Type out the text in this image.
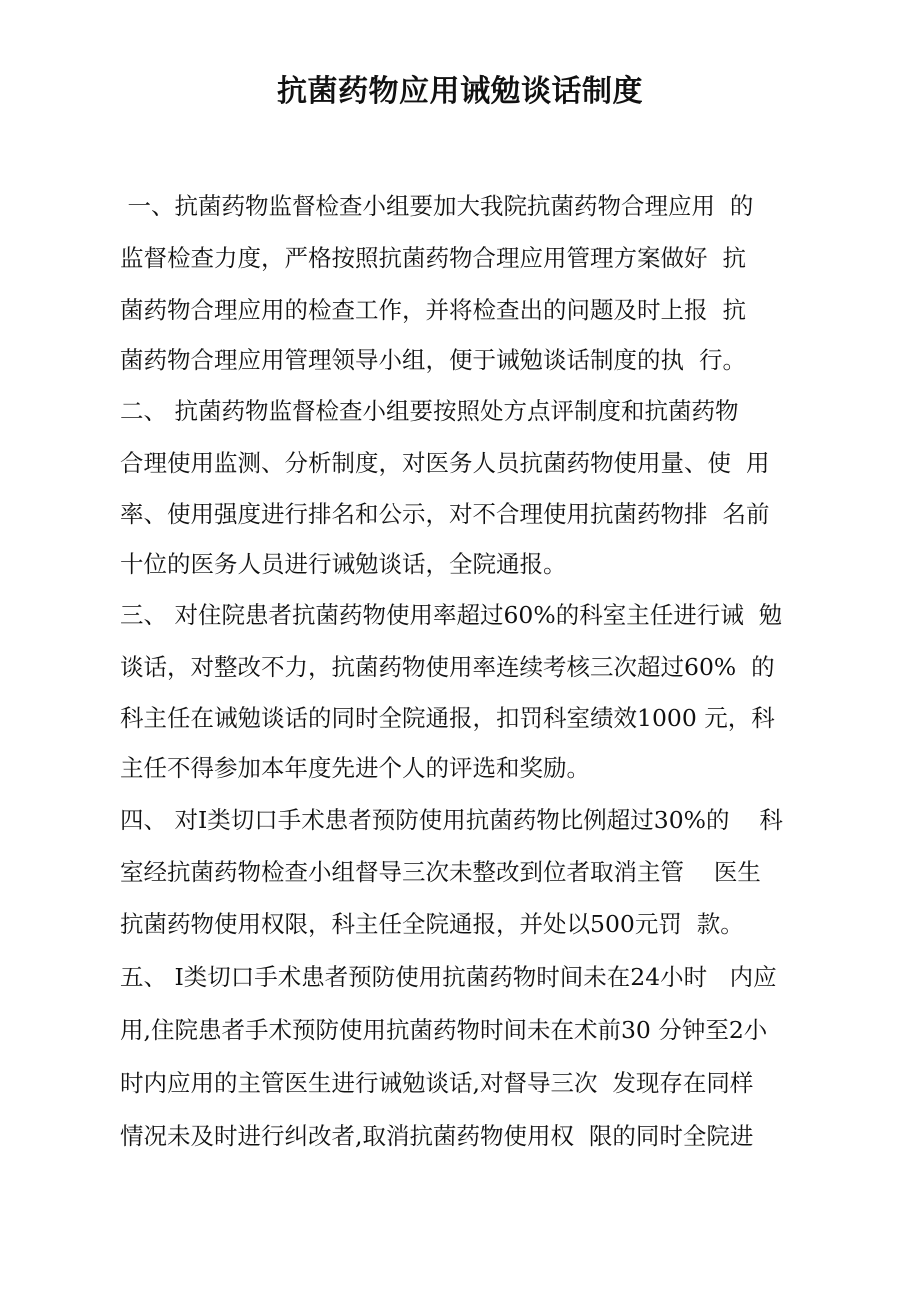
抗菌药物应用诫勉谈话制度
一、抗菌药物监督检查小组要加大我院抗菌药物合理应用  的
监督检查力度，严格按照抗菌药物合理应用管理方案做好  抗
菌药物合理应用的检查工作，并将检查出的问题及时上报  抗
菌药物合理应用管理领导小组，便于诫勉谈话制度的执  行。
二、 抗菌药物监督检查小组要按照处方点评制度和抗菌药物
合理使用监测、分析制度，对医务人员抗菌药物使用量、使  用
率、使用强度进行排名和公示，对不合理使用抗菌药物排  名前
十位的医务人员进行诫勉谈话，全院通报。
三、 对住院患者抗菌药物使用率超过60%的科室主任进行诫  勉
谈话，对整改不力，抗菌药物使用率连续考核三次超过60%  的
科主任在诫勉谈话的同时全院通报，扣罚科室绩效1000 元，科
主任不得参加本年度先进个人的评选和奖励。
四、 对I类切口手术患者预防使用抗菌药物比例超过30%的    科
室经抗菌药物检查小组督导三次未整改到位者取消主管    医生
抗菌药物使用权限，科主任全院通报，并处以500元罚  款。
五、 I类切口手术患者预防使用抗菌药物时间未在24小时   内应
用,住院患者手术预防使用抗菌药物时间未在术前30 分钟至2小
时内应用的主管医生进行诫勉谈话,对督导三次  发现存在同样
情况未及时进行纠改者,取消抗菌药物使用权  限的同时全院进
